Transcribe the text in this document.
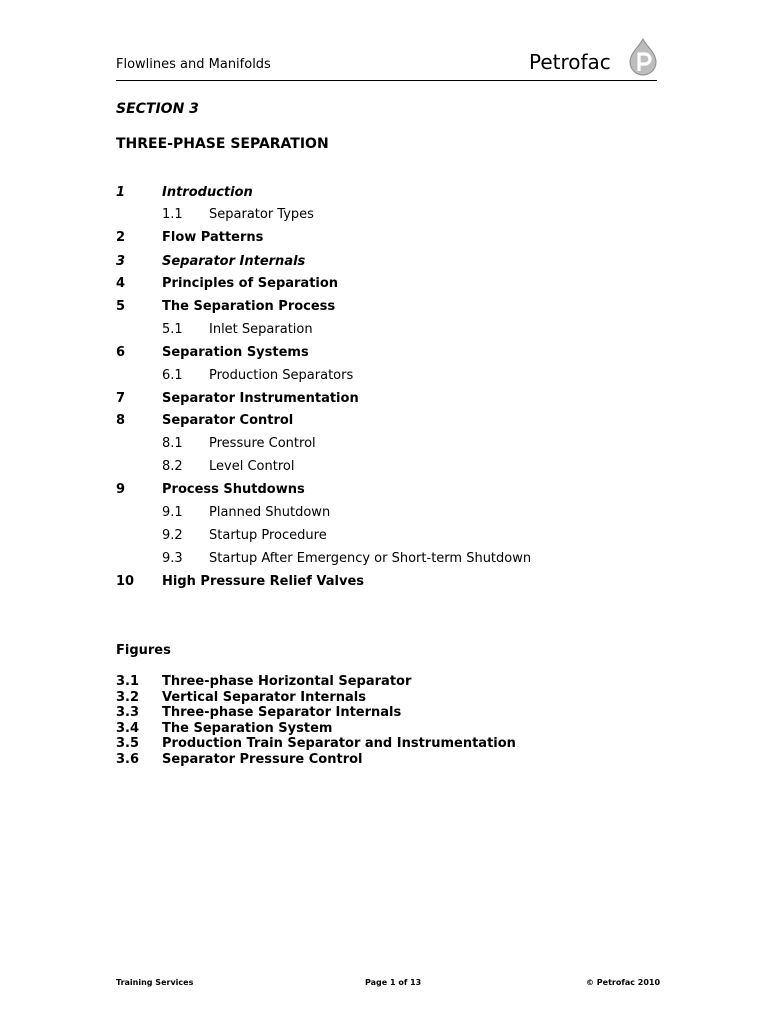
Flowlines and Manifolds	Petrofac
SECTION 3
THREE-PHASE SEPARATION
1	Introduction
1.1 Separator Types
2	Flow Patterns
3	Separator Internals
4	Principles of Separation
5	The Separation Process
5.1 Inlet Separation
6	Separation Systems
6.1 Production Separators
7	Separator Instrumentation
8	Separator Control
8.1 Pressure Control
8.2 Level Control
9	Process Shutdowns
9.1 Planned Shutdown
9.2 Startup Procedure
9.3 Startup After Emergency or Short-term Shutdown
10 High Pressure Relief Valves
Figures
3.1 Three-phase Horizontal Separator
3.2 Vertical Separator Internals
3.3 Three-phase Separator Internals
3.4 The Separation System
3.5 Production Train Separator and Instrumentation
3.6 Separator Pressure Control
Training Services	Page 1 of 13	© Petrofac 2010
